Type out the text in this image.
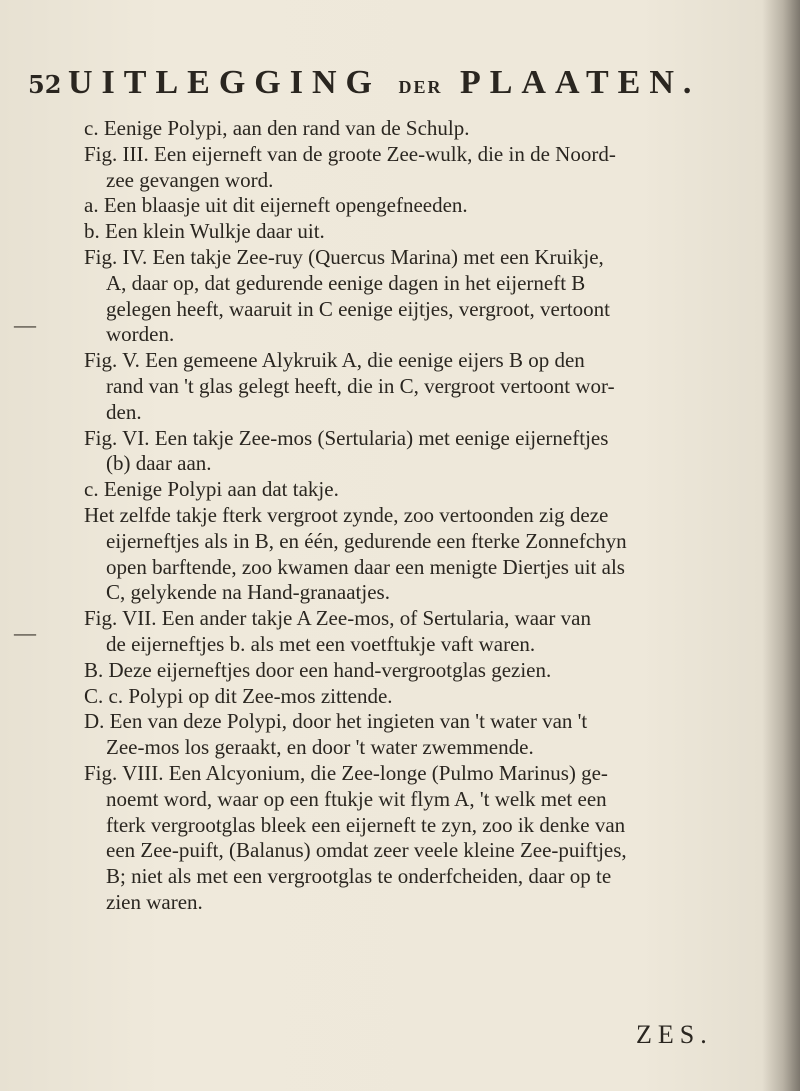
52 UITLEGGING DER PLAATEN.
—
—

c. Eenige Polypi, aan den rand van de Schulp.

Fig. III. Een eijerneft van de groote Zee-wulk, die in de Noord-

zee gevangen word.

a. Een blaasje uit dit eijerneft opengefneeden.

b. Een klein Wulkje daar uit.

Fig. IV. Een takje Zee-ruy (Quercus Marina) met een Kruikje,

A, daar op, dat gedurende eenige dagen in het eijerneft B

gelegen heeft, waaruit in C eenige eijtjes, vergroot, vertoont

worden.

Fig. V. Een gemeene Alykruik A, die eenige eijers B op den

rand van 't glas gelegt heeft, die in C, vergroot vertoont wor-

den.

Fig. VI. Een takje Zee-mos (Sertularia) met eenige eijerneftjes

(b) daar aan.

c. Eenige Polypi aan dat takje.

Het zelfde takje fterk vergroot zynde, zoo vertoonden zig deze

eijerneftjes als in B, en één, gedurende een fterke Zonnefchyn

open barftende, zoo kwamen daar een menigte Diertjes uit als

C, gelykende na Hand-granaatjes.

Fig. VII. Een ander takje A Zee-mos, of Sertularia, waar van

de eijerneftjes b. als met een voetftukje vaft waren.

B. Deze eijerneftjes door een hand-vergrootglas gezien.

C. c. Polypi op dit Zee-mos zittende.

D. Een van deze Polypi, door het ingieten van 't water van 't

Zee-mos los geraakt, en door 't water zwemmende.

Fig. VIII. Een Alcyonium, die Zee-longe (Pulmo Marinus) ge-

noemt word, waar op een ftukje wit flym A, 't welk met een

fterk vergrootglas bleek een eijerneft te zyn, zoo ik denke van

een Zee-puift, (Balanus) omdat zeer veele kleine Zee-puiftjes,

B; niet als met een vergrootglas te onderfcheiden, daar op te

zien waren.

ZES.
